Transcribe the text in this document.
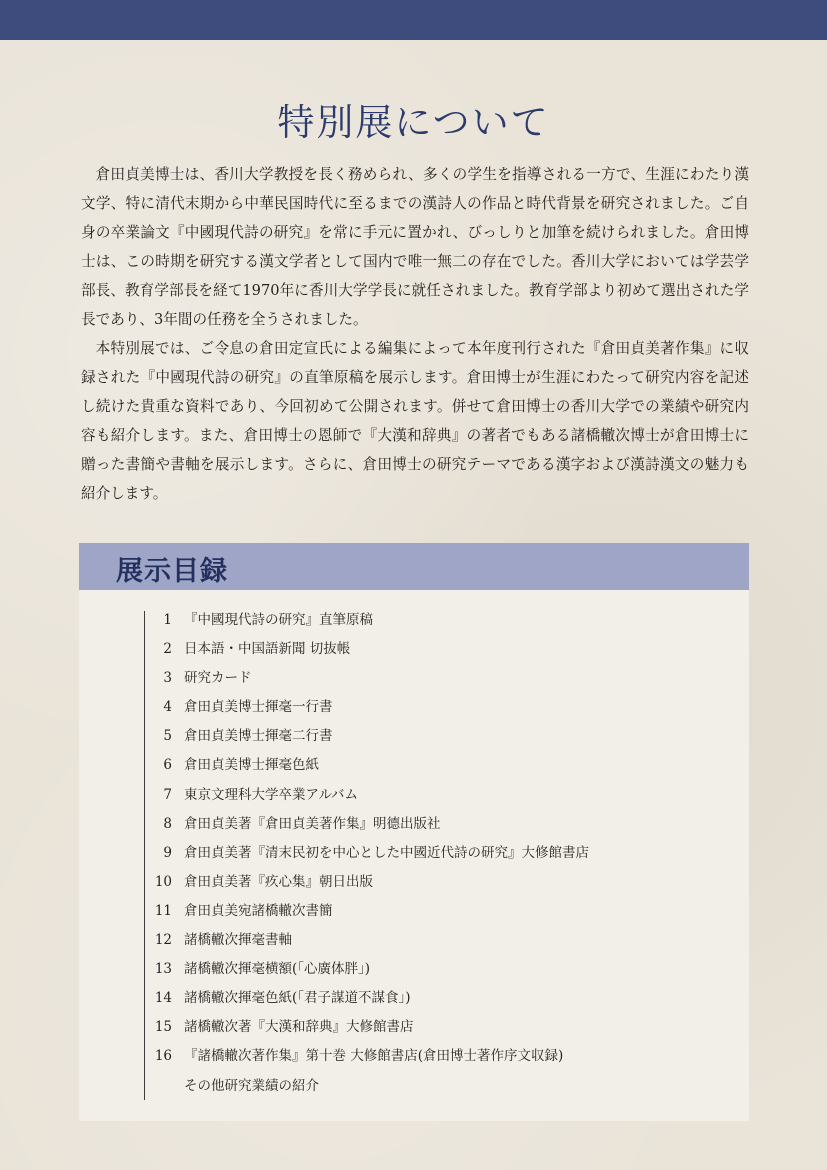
特別展について

倉田貞美博士は、香川大学教授を長く務められ、多くの学生を指導される一方で、生涯にわたり漢文学、特に清代末期から中華民国時代に至るまでの漢詩人の作品と時代背景を研究されました。ご自身の卒業論文『中國現代詩の研究』を常に手元に置かれ、びっしりと加筆を続けられました。倉田博士は、この時期を研究する漢文学者として国内で唯一無二の存在でした。香川大学においては学芸学部長、教育学部長を経て1970年に香川大学学長に就任されました。教育学部より初めて選出された学長であり、3年間の任務を全うされました。

本特別展では、ご令息の倉田定宣氏による編集によって本年度刊行された『倉田貞美著作集』に収録された『中國現代詩の研究』の直筆原稿を展示します。倉田博士が生涯にわたって研究内容を記述し続けた貴重な資料であり、今回初めて公開されます。併せて倉田博士の香川大学での業績や研究内容も紹介します。また、倉田博士の恩師で『大漢和辞典』の著者でもある諸橋轍次博士が倉田博士に贈った書簡や書軸を展示します。さらに、倉田博士の研究テーマである漢字および漢詩漢文の魅力も紹介します。

展示目録
1 『中國現代詩の研究』直筆原稿
2 日本語・中国語新聞 切抜帳
3 研究カード
4 倉田貞美博士揮毫一行書
5 倉田貞美博士揮毫二行書
6 倉田貞美博士揮毫色紙
7 東京文理科大学卒業アルバム
8 倉田貞美著『倉田貞美著作集』明德出版社
9 倉田貞美著『清末民初を中心とした中國近代詩の研究』大修館書店
10 倉田貞美著『疚心集』朝日出版
11 倉田貞美宛諸橋轍次書簡
12 諸橋轍次揮毫書軸
13 諸橋轍次揮毫横額(「心廣体胖」)
14 諸橋轍次揮毫色紙(「君子謀道不謀食」)
15 諸橋轍次著『大漢和辞典』大修館書店
16 『諸橋轍次著作集』第十巻 大修館書店(倉田博士著作序文収録)
その他研究業績の紹介
